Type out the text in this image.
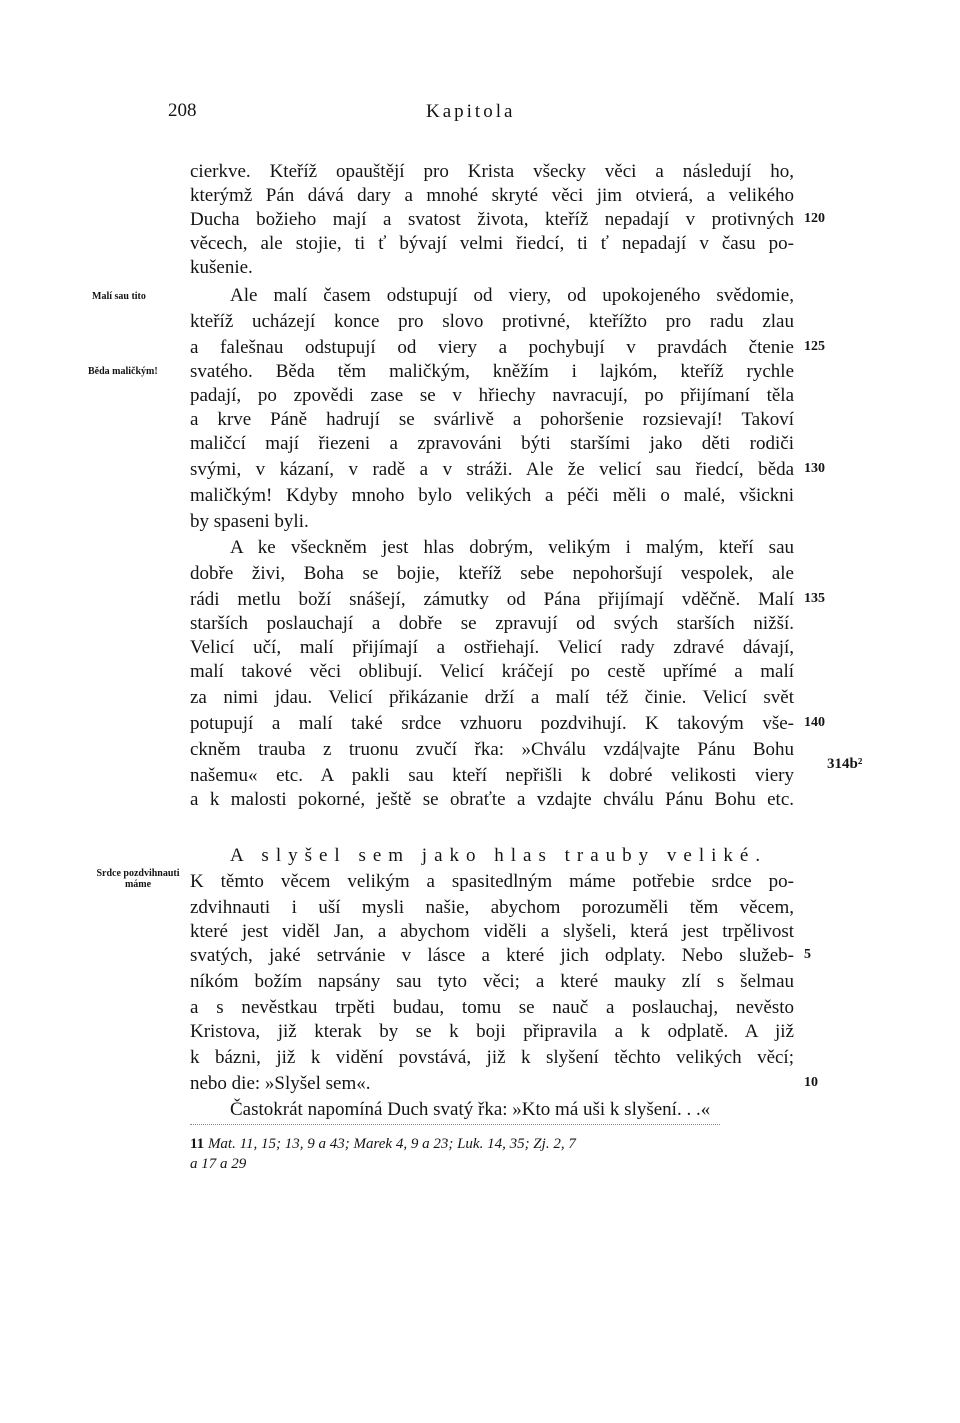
208	Kapitola
cierkve. Kteříž opauštějí pro Krista všecky věci a následují ho,
kterýmž Pán dává dary a mnohé skryté věci jim otvierá, a velikého
Ducha božieho mají a svatost života, kteříž nepadají v protivných
věcech, ale stojie, ti ť bývají velmi řiedcí, ti ť nepadají v času po-
kušenie.
Ale malí časem odstupují od viery, od upokojeného svědomie,
kteříž ucházejí konce pro slovo protivné, kteřížto pro radu zlau
a falešnau odstupují od viery a pochybují v pravdách čtenie
svatého. Běda těm maličkým, kněžím i lajkóm, kteříž rychle
padají, po zpovědi zase se v hřiechy navracují, po přijímaní těla
a krve Páně hadrují se svárlivě a pohoršenie rozsievají! Takoví
maličcí mají řiezeni a zpravováni býti staršími jako děti rodiči
svými, v kázaní, v radě a v stráži. Ale že velicí sau řiedcí, běda
maličkým! Kdyby mnoho bylo velikých a péči měli o malé, všickni
by spaseni byli.
A ke všeckněm jest hlas dobrým, velikým i malým, kteří sau
dobře živi, Boha se bojie, kteříž sebe nepohoršují vespolek, ale
rádi metlu boží snášejí, zámutky od Pána přijímají vděčně. Malí
starších poslauchají a dobře se zpravují od svých starších nižší.
Velicí učí, malí přijímají a ostřiehají. Velicí rady zdravé dávají,
malí takové věci oblibují. Velicí kráčejí po cestě upřímé a malí
za nimi jdau. Velicí přikázanie drží a malí též činie. Velicí svět
potupují a malí také srdce vzhuoru pozdvihují. K takovým vše-
ckněm trauba z truonu zvučí řka: »Chválu vzdá|vajte Pánu Bohu
našemu« etc. A pakli sau kteří nepřišli k dobré velikosti viery
a k malosti pokorné, ještě se obraťte a vzdajte chválu Pánu Bohu etc.
A slyšel sem jako hlas trauby veliké.
K těmto věcem velikým a spasitedlným máme potřebie srdce po-
zdvihnauti i uší mysli našie, abychom porozuměli těm věcem,
které jest viděl Jan, a abychom viděli a slyšeli, která jest trpělivost
svatých, jaké setrvánie v lásce a které jich odplaty. Nebo služeb-
níkóm božím napsány sau tyto věci; a které mauky zlí s šelmau
a s nevěstkau trpěti budau, tomu se nauč a poslauchaj, nevěsto
Kristova, již kterak by se k boji připravila a k odplatě. A již
k bázni, již k vidění povstává, již k slyšení těchto velikých věcí;
nebo die: »Slyšel sem«.
Častokrát napomíná Duch svatý řka: »Kto má uši k slyšení. . .«
120
125
130
135
140
5
10
Malí sau tito
Běda maličkým!
Srdce pozdvihnauti máme
314b²
11 Mat. 11, 15; 13, 9 a 43; Marek 4, 9 a 23; Luk. 14, 35; Zj. 2, 7
a 17 a 29
